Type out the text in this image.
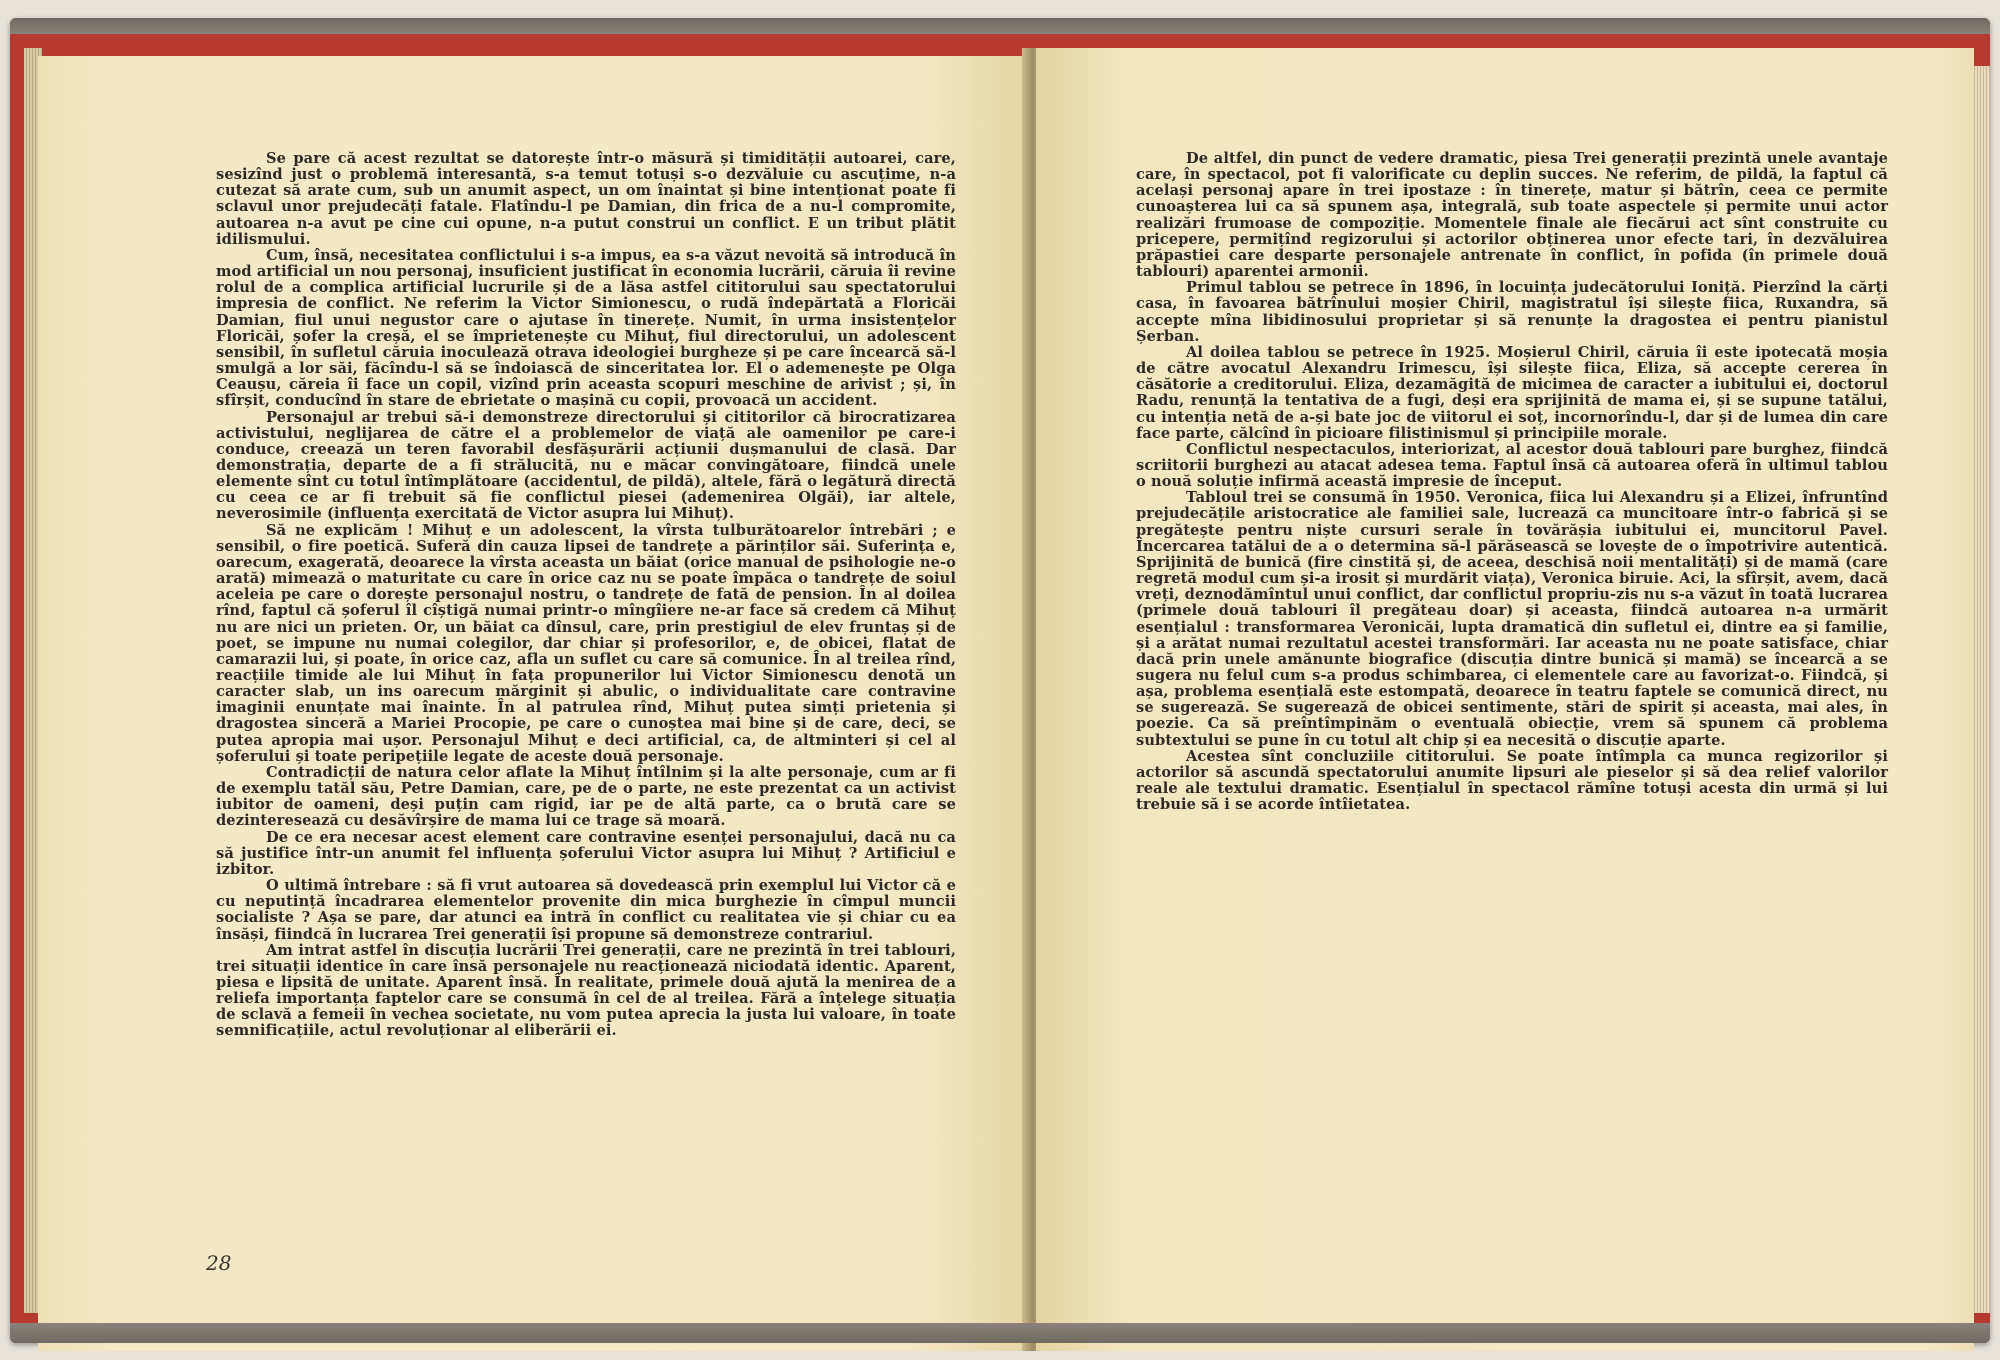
Se pare că acest rezultat se datorește într-o măsură și timidității autoarei, care, sesizînd just o problemă interesantă, s-a temut totuși s-o dezvăluie cu ascuțime, n-a cutezat să arate cum, sub un anumit aspect, un om înaintat și bine intenționat poate fi sclavul unor prejudecăți fatale. Flatîndu-l pe Damian, din frica de a nu-l compromite, autoarea n-a avut pe cine cui opune, n-a putut construi un conflict. E un tribut plătit idilismului.

Cum, însă, necesitatea conflictului i s-a impus, ea s-a văzut nevoită să introducă în mod artificial un nou personaj, insuficient justificat în economia lucrării, căruia îi revine rolul de a complica artificial lucrurile și de a lăsa astfel cititorului sau spectatorului impresia de conflict. Ne referim la Victor Simionescu, o rudă îndepărtată a Floricăi Damian, fiul unui negustor care o ajutase în tinerețe. Numit, în urma insistențelor Floricăi, șofer la creșă, el se împrietenește cu Mihuț, fiul directorului, un adolescent sensibil, în sufletul căruia inoculează otrava ideologiei burgheze și pe care încearcă să-l smulgă a lor săi, făcîndu-l să se îndoiască de sinceritatea lor. El o ademenește pe Olga Ceaușu, căreia îi face un copil, vizînd prin aceasta scopuri meschine de arivist ; și, în sfîrșit, conducînd în stare de ebrietate o mașină cu copii, provoacă un accident.

Personajul ar trebui să-i demonstreze directorului și cititorilor că birocratizarea activistului, neglijarea de către el a problemelor de viață ale oamenilor pe care-i conduce, creează un teren favorabil desfășurării acțiunii dușmanului de clasă. Dar demonstrația, departe de a fi strălucită, nu e măcar convingătoare, fiindcă unele elemente sînt cu totul întîmplătoare (accidentul, de pildă), altele, fără o legătură directă cu ceea ce ar fi trebuit să fie conflictul piesei (ademenirea Olgăi), iar altele, neverosimile (influența exercitată de Victor asupra lui Mihuț).

Să ne explicăm ! Mihuț e un adolescent, la vîrsta tulburătoarelor întrebări ; e sensibil, o fire poetică. Suferă din cauza lipsei de tandrețe a părinților săi. Suferința e, oarecum, exagerată, deoarece la vîrsta aceasta un băiat (orice manual de psihologie ne-o arată) mimează o maturitate cu care în orice caz nu se poate împăca o tandrețe de soiul aceleia pe care o dorește personajul nostru, o tandrețe de fată de pension. În al doilea rînd, faptul că șoferul îl cîștigă numai printr-o mîngîiere ne-ar face să credem că Mihuț nu are nici un prieten. Or, un băiat ca dînsul, care, prin prestigiul de elev fruntaș și de poet, se impune nu numai colegilor, dar chiar și profesorilor, e, de obicei, flatat de camarazii lui, și poate, în orice caz, afla un suflet cu care să comunice. În al treilea rînd, reacțiile timide ale lui Mihuț în fața propunerilor lui Victor Simionescu denotă un caracter slab, un ins oarecum mărginit și abulic, o individualitate care contravine imaginii enunțate mai înainte. În al patrulea rînd, Mihuț putea simți prietenia și dragostea sinceră a Mariei Procopie, pe care o cunoștea mai bine și de care, deci, se putea apropia mai ușor. Personajul Mihuț e deci artificial, ca, de altminteri și cel al șoferului și toate peripețiile legate de aceste două personaje.

Contradicții de natura celor aflate la Mihuț întîlnim și la alte personaje, cum ar fi de exemplu tatăl său, Petre Damian, care, pe de o parte, ne este prezentat ca un activist iubitor de oameni, deși puțin cam rigid, iar pe de altă parte, ca o brută care se dezinteresează cu desăvîrșire de mama lui ce trage să moară.

De ce era necesar acest element care contravine esenței personajului, dacă nu ca să justifice într-un anumit fel influența șoferului Victor asupra lui Mihuț ? Artificiul e izbitor.

O ultimă întrebare : să fi vrut autoarea să dovedească prin exemplul lui Victor că e cu neputință încadrarea elementelor provenite din mica burghezie în cîmpul muncii socialiste ? Așa se pare, dar atunci ea intră în conflict cu realitatea vie și chiar cu ea însăși, fiindcă în lucrarea Trei generații își propune să demonstreze contrariul.

Am intrat astfel în discuția lucrării Trei generații, care ne prezintă în trei tablouri, trei situații identice în care însă personajele nu reacționează niciodată identic. Aparent, piesa e lipsită de unitate. Aparent însă. În realitate, primele două ajută la menirea de a reliefa importanța faptelor care se consumă în cel de al treilea. Fără a înțelege situația de sclavă a femeii în vechea societate, nu vom putea aprecia la justa lui valoare, în toate semnificațiile, actul revoluționar al eliberării ei.

28

De altfel, din punct de vedere dramatic, piesa Trei generații prezintă unele avantaje care, în spectacol, pot fi valorificate cu deplin succes. Ne referim, de pildă, la faptul că același personaj apare în trei ipostaze : în tinerețe, matur și bătrîn, ceea ce permite cunoașterea lui ca să spunem așa, integrală, sub toate aspectele și permite unui actor realizări frumoase de compoziție. Momentele finale ale fiecărui act sînt construite cu pricepere, permițînd regizorului și actorilor obținerea unor efecte tari, în dezvăluirea prăpastiei care desparte personajele antrenate în conflict, în pofida (în primele două tablouri) aparentei armonii.

Primul tablou se petrece în 1896, în locuința judecătorului Ioniță. Pierzînd la cărți casa, în favoarea bătrînului moșier Chiril, magistratul își silește fiica, Ruxandra, să accepte mîna libidinosului proprietar și să renunțe la dragostea ei pentru pianistul Șerban.

Al doilea tablou se petrece în 1925. Moșierul Chiril, căruia îi este ipotecată moșia de către avocatul Alexandru Irimescu, își silește fiica, Eliza, să accepte cererea în căsătorie a creditorului. Eliza, dezamăgită de micimea de caracter a iubitului ei, doctorul Radu, renunță la tentativa de a fugi, deși era sprijinită de mama ei, și se supune tatălui, cu intenția netă de a-și bate joc de viitorul ei soț, incornorîndu-l, dar și de lumea din care face parte, călcînd în picioare filistinismul și principiile morale.

Conflictul nespectaculos, interiorizat, al acestor două tablouri pare burghez, fiindcă scriitorii burghezi au atacat adesea tema. Faptul însă că autoarea oferă în ultimul tablou o nouă soluție infirmă această impresie de început.

Tabloul trei se consumă în 1950. Veronica, fiica lui Alexandru și a Elizei, înfruntînd prejudecățile aristocratice ale familiei sale, lucrează ca muncitoare într-o fabrică și se pregătește pentru niște cursuri serale în tovărășia iubitului ei, muncitorul Pavel. Încercarea tatălui de a o determina să-l părăsească se lovește de o împotrivire autentică. Sprijinită de bunică (fire cinstită și, de aceea, deschisă noii mentalități) și de mamă (care regretă modul cum și-a irosit și murdărit viața), Veronica biruie. Aci, la sfîrșit, avem, dacă vreți, deznodămîntul unui conflict, dar conflictul propriu-zis nu s-a văzut în toată lucrarea (primele două tablouri îl pregăteau doar) și aceasta, fiindcă autoarea n-a urmărit esențialul : transformarea Veronicăi, lupta dramatică din sufletul ei, dintre ea și familie, și a arătat numai rezultatul acestei transformări. Iar aceasta nu ne poate satisface, chiar dacă prin unele amănunte biografice (discuția dintre bunică și mamă) se încearcă a se sugera nu felul cum s-a produs schimbarea, ci elementele care au favorizat-o. Fiindcă, și așa, problema esențială este estompată, deoarece în teatru faptele se comunică direct, nu se sugerează. Se sugerează de obicei sentimente, stări de spirit și aceasta, mai ales, în poezie. Ca să preîntîmpinăm o eventuală obiecție, vrem să spunem că problema subtextului se pune în cu totul alt chip și ea necesită o discuție aparte.

Acestea sînt concluziile cititorului. Se poate întîmpla ca munca regizorilor și actorilor să ascundă spectatorului anumite lipsuri ale pieselor și să dea relief valorilor reale ale textului dramatic. Esențialul în spectacol rămîne totuși acesta din urmă și lui trebuie să i se acorde întîietatea.
